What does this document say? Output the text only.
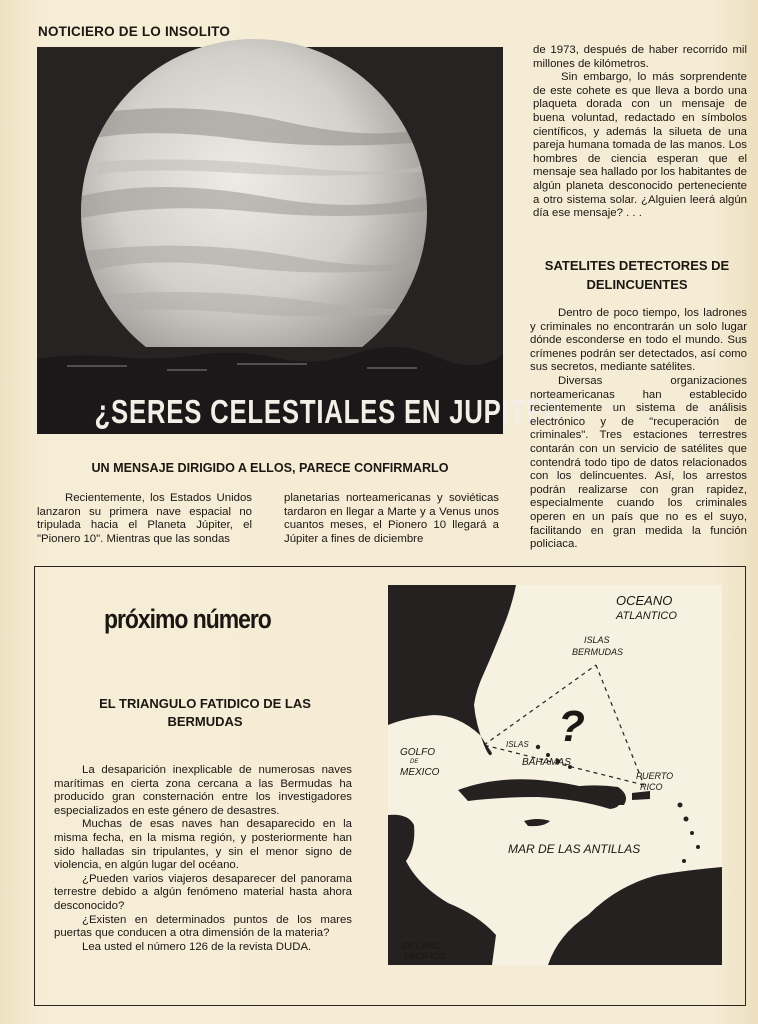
NOTICIERO DE LO INSOLITO
¿SERES CELESTIALES EN JUPITER ?

de 1973, después de haber recorrido mil millones de kilómetros.

Sin embargo, lo más sorprendente de este cohete es que lleva a bordo una plaqueta dorada con un mensaje de buena voluntad, redactado en símbolos científicos, y además la silueta de una pareja humana tomada de las manos. Los hombres de ciencia esperan que el mensaje sea hallado por los habitantes de algún planeta desconocido perteneciente a otro sistema solar. ¿Alguien leerá algún día ese mensaje? . . .

SATELITES DETECTORES DE DELINCUENTES

Dentro de poco tiempo, los ladrones y criminales no encontrarán un solo lugar dónde esconderse en todo el mundo. Sus crímenes podrán ser detectados, así como sus secretos, mediante satélites.

Diversas organizaciones norteamericanas han establecido recientemente un sistema de análisis electrónico y de "recuperación de criminales". Tres estaciones terrestres contarán con un servicio de satélites que contendrá todo tipo de datos relacionados con los delincuentes. Así, los arrestos podrán realizarse con gran rapidez, especialmente cuando los criminales operen en un país que no es el suyo, facilitando en gran medida la función policiaca.

UN MENSAJE DIRIGIDO A ELLOS, PARECE CONFIRMARLO

Recientemente, los Estados Unidos lanzaron su primera nave espacial no tripulada hacia el Planeta Júpiter, el "Pionero 10". Mientras que las sondas

planetarias norteamericanas y soviéticas tardaron en llegar a Marte y a Venus unos cuantos meses, el Pionero 10 llegará a Júpiter a fines de diciembre

próximo número
EL TRIANGULO FATIDICO DE LAS BERMUDAS

La desaparición inexplicable de numerosas naves marítimas en cierta zona cercana a las Bermudas ha producido gran consternación entre los investigadores especializados en este género de desastres.

Muchas de esas naves han desaparecido en la misma fecha, en la misma región, y posteriormente han sido halladas sin tripulantes, y sin el menor signo de violencia, en algún lugar del océano.

¿Pueden varios viajeros desaparecer del panorama terrestre debido a algún fenómeno material hasta ahora desconocido?

¿Existen en determinados puntos de los mares puertas que conducen a otra dimensión de la materia?

Lea usted el número 126 de la revista DUDA.

OCEANO
ATLANTICO
ISLAS
BERMUDAS
?
ISLAS
BAHAMAS
GOLFO
DE
MEXICO	PUERTO
RICO
MAR DE LAS ANTILLAS
OCEANO
PACIFICO
